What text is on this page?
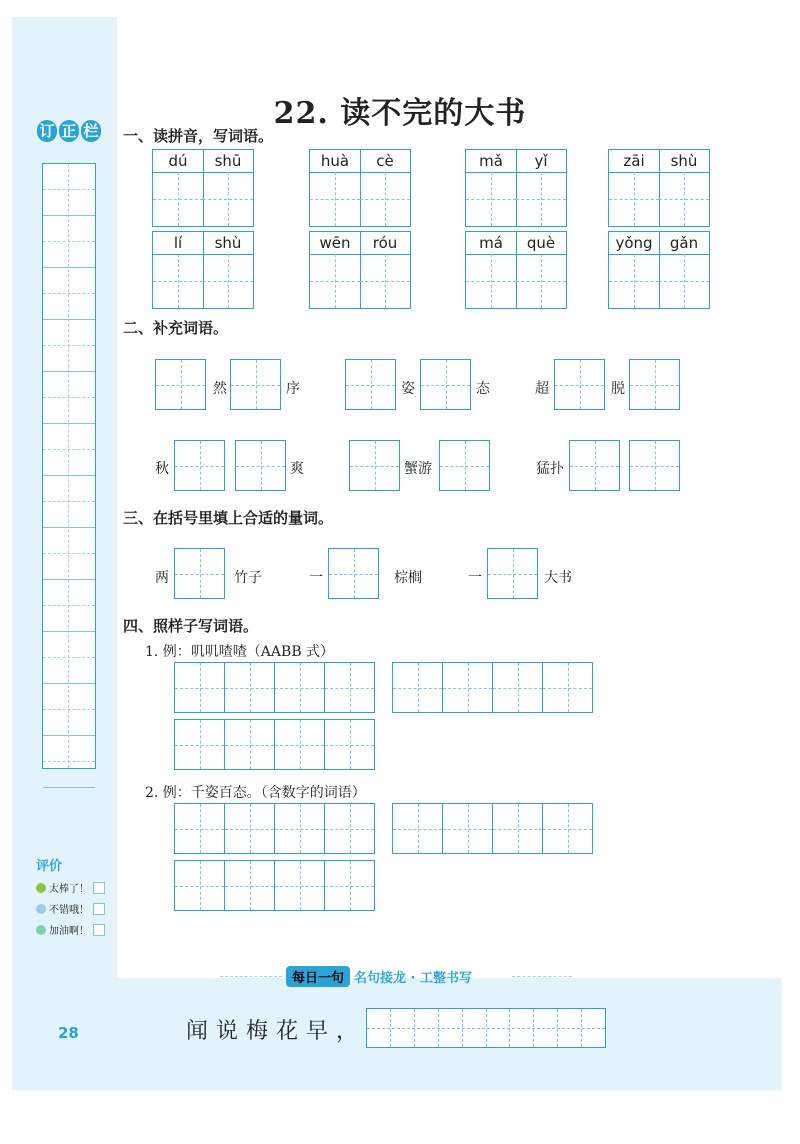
订 正 栏	22. 读不完的大书
一、读拼音，写词语。
dú	shū	huà	cè	mǎ	yǐ	zāi	shù
lí	shù	wēn	róu	má	què	yǒng	gǎn
二、补充词语。
然	序	姿	态	超	脱
秋	爽	蟹游	猛扑
三、在括号里填上合适的量词。
两	竹子	一	棕榈	一	大书
四、照样子写词语。
1. 例：叽叽喳喳（AABB 式）
2. 例：千姿百态。（含数字的词语）
评价
太棒了！
不错哦！
加油啊！
每日一句 名句接龙 · 工整书写
28	闻说梅花早，
